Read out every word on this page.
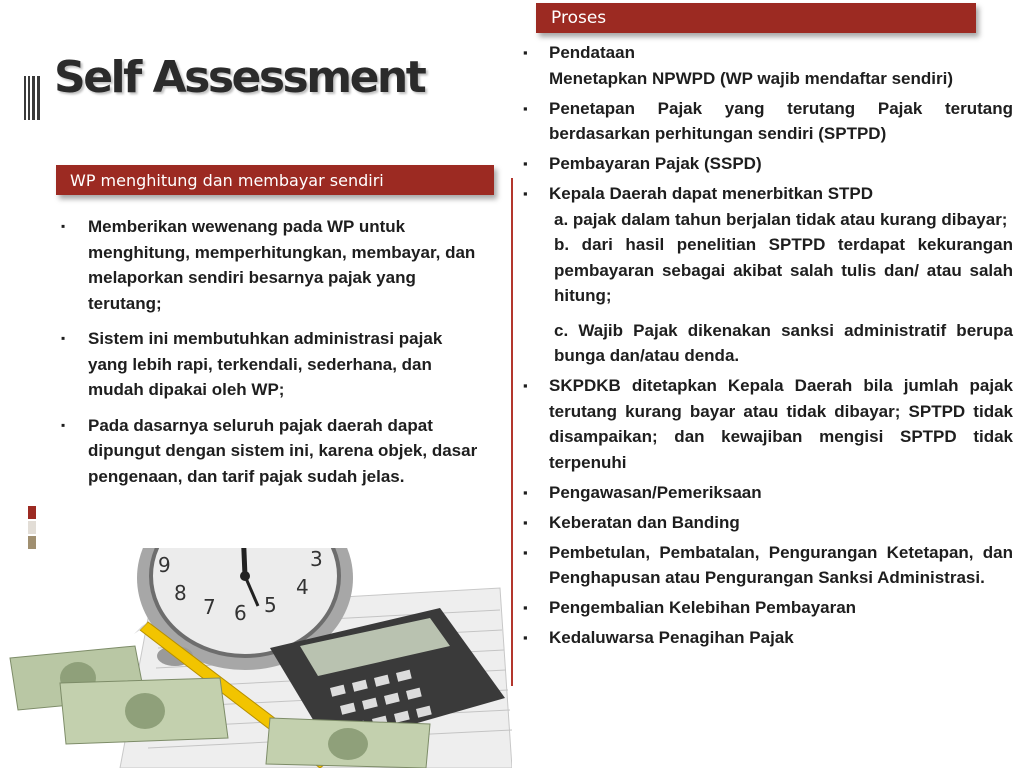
Self Assessment
Proses
WP menghitung dan membayar sendiri
▪ Memberikan wewenang pada WP untuk menghitung, memperhitungkan, membayar, dan melaporkan sendiri besarnya pajak yang terutang;
▪ Sistem ini membutuhkan administrasi pajak yang lebih rapi, terkendali, sederhana, dan mudah dipakai oleh WP;
▪ Pada dasarnya seluruh pajak daerah dapat dipungut dengan sistem ini, karena objek, dasar pengenaan, dan tarif pajak sudah jelas.
▪ Pendataan
Menetapkan NPWPD (WP wajib mendaftar sendiri)
▪ Penetapan Pajak yang terutang Pajak terutang berdasarkan perhitungan sendiri (SPTPD)
▪ Pembayaran Pajak (SSPD)
▪ Kepala Daerah dapat menerbitkan STPD
a. pajak dalam tahun berjalan tidak atau kurang dibayar;
b. dari hasil penelitian SPTPD terdapat kekurangan pembayaran sebagai akibat salah tulis dan/ atau salah hitung;
c. Wajib Pajak dikenakan sanksi administratif berupa bunga dan/atau denda.
▪ SKPDKB ditetapkan Kepala Daerah bila jumlah pajak terutang kurang bayar atau tidak dibayar; SPTPD tidak disampaikan; dan kewajiban mengisi SPTPD tidak terpenuhi
▪ Pengawasan/Pemeriksaan
▪ Keberatan dan Banding
▪ Pembetulan, Pembatalan, Pengurangan Ketetapan, dan Penghapusan atau Pengurangan Sanksi Administrasi.
▪ Pengembalian Kelebihan Pembayaran
▪ Kedaluwarsa Penagihan Pajak
9
8
7 6 5
4
3
